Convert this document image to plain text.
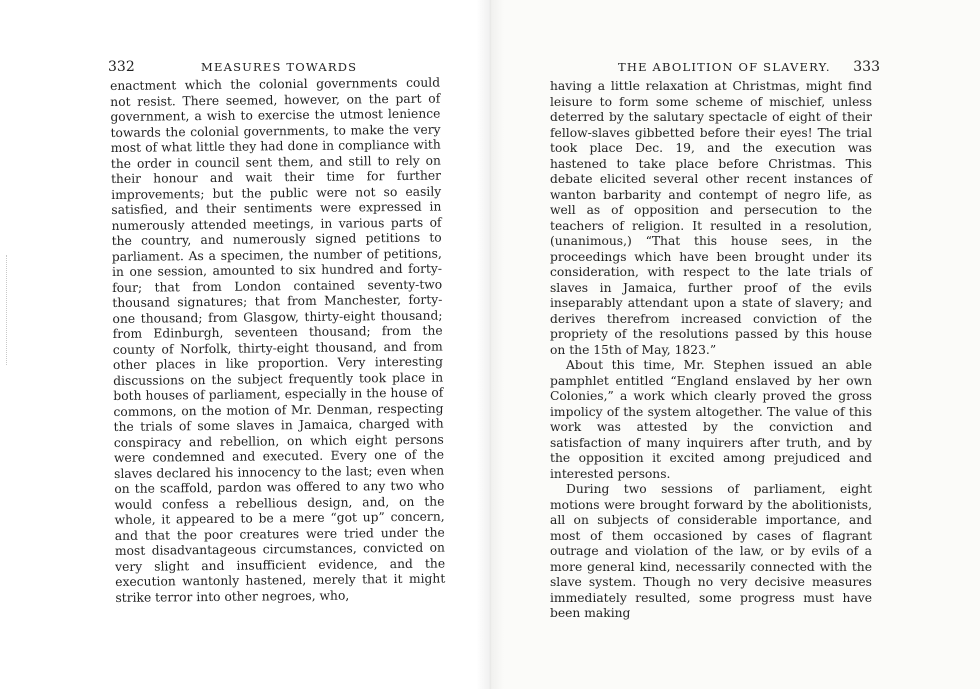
332	MEASURES TOWARDS

enactment which the colonial governments could not resist. There seemed, however, on the part of government, a wish to exercise the utmost lenience towards the colonial governments, to make the very most of what little they had done in compliance with the order in council sent them, and still to rely on their honour and wait their time for further improvements; but the public were not so easily satisfied, and their sentiments were expressed in numerously attended meetings, in various parts of the country, and numerously signed petitions to parliament. As a specimen, the number of petitions, in one session, amounted to six hundred and forty-four; that from London contained seventy-two thousand signatures; that from Manchester, forty-one thousand; from Glasgow, thirty-eight thousand; from Edinburgh, seventeen thousand; from the county of Norfolk, thirty-eight thousand, and from other places in like proportion. Very interesting discussions on the subject frequently took place in both houses of parliament, especially in the house of commons, on the motion of Mr. Denman, respecting the trials of some slaves in Jamaica, charged with conspiracy and rebellion, on which eight persons were condemned and executed. Every one of the slaves declared his innocency to the last; even when on the scaffold, pardon was offered to any two who would confess a rebellious design, and, on the whole, it appeared to be a mere “got up” concern, and that the poor creatures were tried under the most disadvantageous circumstances, convicted on very slight and insufficient evidence, and the execution wantonly hastened, merely that it might strike terror into other negroes, who,

THE ABOLITION OF SLAVERY. 333

having a little relaxation at Christmas, might find leisure to form some scheme of mischief, unless deterred by the salutary spectacle of eight of their fellow-slaves gibbetted before their eyes! The trial took place Dec. 19, and the execution was hastened to take place before Christmas. This debate elicited several other recent instances of wanton barbarity and contempt of negro life, as well as of opposition and persecution to the teachers of religion. It resulted in a resolution, (unanimous,) “That this house sees, in the proceedings which have been brought under its consideration, with respect to the late trials of slaves in Jamaica, further proof of the evils inseparably attendant upon a state of slavery; and derives therefrom increased conviction of the propriety of the resolutions passed by this house on the 15th of May, 1823.”

About this time, Mr. Stephen issued an able pamphlet entitled “England enslaved by her own Colonies,” a work which clearly proved the gross impolicy of the system altogether. The value of this work was attested by the conviction and satisfaction of many inquirers after truth, and by the opposition it excited among prejudiced and interested persons.

During two sessions of parliament, eight motions were brought forward by the abolitionists, all on subjects of considerable importance, and most of them occasioned by cases of flagrant outrage and violation of the law, or by evils of a more general kind, necessarily connected with the slave system. Though no very decisive measures immediately resulted, some progress must have been making
